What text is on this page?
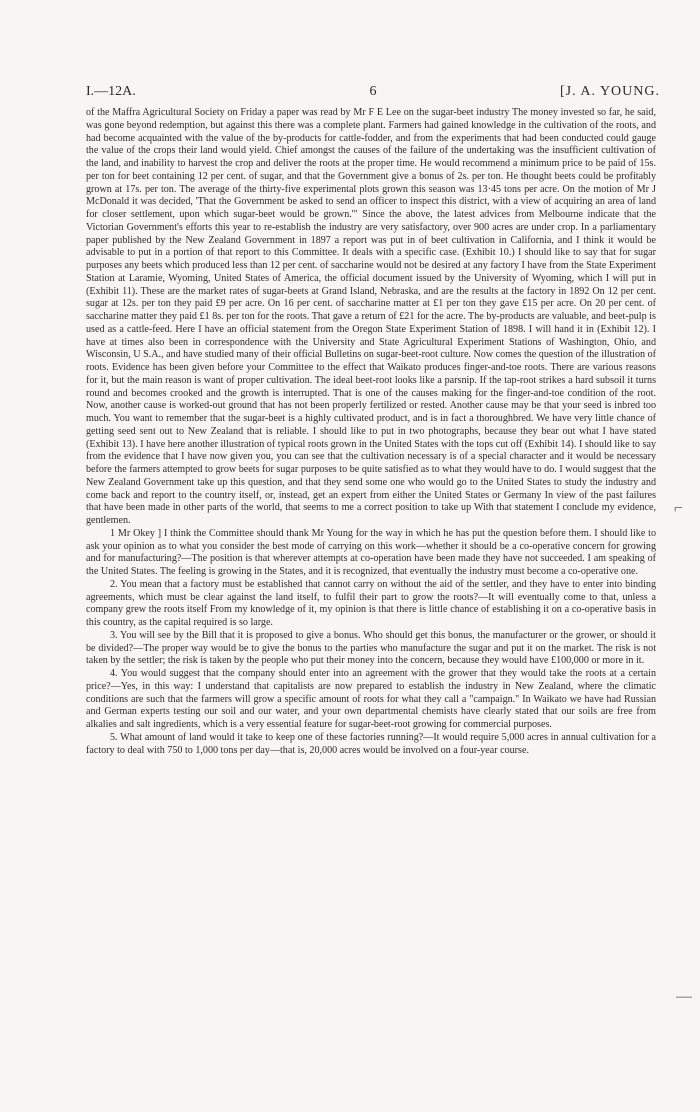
I.—12A.	6	[J. A. YOUNG.

of the Maffra Agricultural Society on Friday a paper was read by Mr F E Lee on the sugar-beet industry The money invested so far, he said, was gone beyond redemption, but against this there was a complete plant. Farmers had gained knowledge in the cultivation of the roots, and had become acquainted with the value of the by-products for cattle-fodder, and from the experiments that had been conducted could gauge the value of the crops their land would yield. Chief amongst the causes of the failure of the undertaking was the insufficient cultivation of the land, and inability to harvest the crop and deliver the roots at the proper time. He would recommend a minimum price to be paid of 15s. per ton for beet containing 12 per cent. of sugar, and that the Government give a bonus of 2s. per ton. He thought beets could be profitably grown at 17s. per ton. The average of the thirty-five experimental plots grown this season was 13·45 tons per acre. On the motion of Mr J McDonald it was decided, 'That the Government be asked to send an officer to inspect this district, with a view of acquiring an area of land for closer settlement, upon which sugar-beet would be grown.'" Since the above, the latest advices from Melbourne indicate that the Victorian Government's efforts this year to re-establish the industry are very satisfactory, over 900 acres are under crop. In a parliamentary paper published by the New Zealand Government in 1897 a report was put in of beet cultivation in California, and I think it would be advisable to put in a portion of that report to this Committee. It deals with a specific case. (Exhibit 10.) I should like to say that for sugar purposes any beets which produced less than 12 per cent. of saccharine would not be desired at any factory I have from the State Experiment Station at Laramie, Wyoming, United States of America, the official document issued by the University of Wyoming, which I will put in (Exhibit 11). These are the market rates of sugar-beets at Grand Island, Nebraska, and are the results at the factory in 1892 On 12 per cent. sugar at 12s. per ton they paid £9 per acre. On 16 per cent. of saccharine matter at £1 per ton they gave £15 per acre. On 20 per cent. of saccharine matter they paid £1 8s. per ton for the roots. That gave a return of £21 for the acre. The by-products are valuable, and beet-pulp is used as a cattle-feed. Here I have an official statement from the Oregon State Experiment Station of 1898. I will hand it in (Exhibit 12). I have at times also been in correspondence with the University and State Agricultural Experiment Stations of Washington, Ohio, and Wisconsin, U S.A., and have studied many of their official Bulletins on sugar-beet-root culture. Now comes the question of the illustration of roots. Evidence has been given before your Committee to the effect that Waikato produces finger-and-toe roots. There are various reasons for it, but the main reason is want of proper cultivation. The ideal beet-root looks like a parsnip. If the tap-root strikes a hard subsoil it turns round and becomes crooked and the growth is interrupted. That is one of the causes making for the finger-and-toe condition of the root. Now, another cause is worked-out ground that has not been properly fertilized or rested. Another cause may be that your seed is inbred too much. You want to remember that the sugar-beet is a highly cultivated product, and is in fact a thoroughbred. We have very little chance of getting seed sent out to New Zealand that is reliable. I should like to put in two photographs, because they bear out what I have stated (Exhibit 13). I have here another illustration of typical roots grown in the United States with the tops cut off (Exhibit 14). I should like to say from the evidence that I have now given you, you can see that the cultivation necessary is of a special character and it would be necessary before the farmers attempted to grow beets for sugar purposes to be quite satisfied as to what they would have to do. I would suggest that the New Zealand Government take up this question, and that they send some one who would go to the United States to study the industry and come back and report to the country itself, or, instead, get an expert from either the United States or Germany In view of the past failures that have been made in other parts of the world, that seems to me a correct position to take up With that statement I conclude my evidence, gentlemen.

1 Mr Okey ] I think the Committee should thank Mr Young for the way in which he has put the question before them. I should like to ask your opinion as to what you consider the best mode of carrying on this work—whether it should be a co-operative concern for growing and for manufacturing?—The position is that wherever attempts at co-operation have been made they have not succeeded. I am speaking of the United States. The feeling is growing in the States, and it is recognized, that eventually the industry must become a co-operative one.

2. You mean that a factory must be established that cannot carry on without the aid of the settler, and they have to enter into binding agreements, which must be clear against the land itself, to fulfil their part to grow the roots?—It will eventually come to that, unless a company grew the roots itself From my knowledge of it, my opinion is that there is little chance of establishing it on a co-operative basis in this country, as the capital required is so large.

3. You will see by the Bill that it is proposed to give a bonus. Who should get this bonus, the manufacturer or the grower, or should it be divided?—The proper way would be to give the bonus to the parties who manufacture the sugar and put it on the market. The risk is not taken by the settler; the risk is taken by the people who put their money into the concern, because they would have £100,000 or more in it.

4. You would suggest that the company should enter into an agreement with the grower that they would take the roots at a certain price?—Yes, in this way: I understand that capitalists are now prepared to establish the industry in New Zealand, where the climatic conditions are such that the farmers will grow a specific amount of roots for what they call a "campaign." In Waikato we have had Russian and German experts testing our soil and our water, and your own departmental chemists have clearly stated that our soils are free from alkalies and salt ingredients, which is a very essential feature for sugar-beet-root growing for commercial purposes.

5. What amount of land would it take to keep one of these factories running?—It would require 5,000 acres in annual cultivation for a factory to deal with 750 to 1,000 tons per day—that is, 20,000 acres would be involved on a four-year course.

⌐
—
